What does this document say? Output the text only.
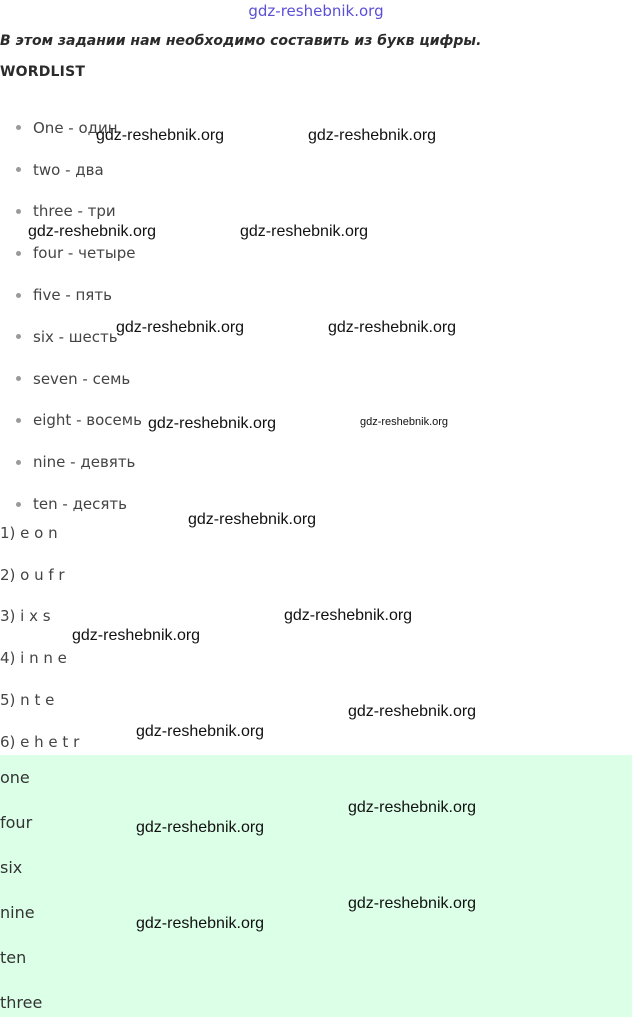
gdz-reshebnik.org

В этом задании нам необходимо составить из букв цифры.

WORDLIST

One - один
two - два
three - три
four - четыре
five - пять
six - шесть
seven - семь
eight - восемь
nine - девять
ten - десять
1) e o n
2) o u f r
3) i x s
4) i n n e
5) n t e
6) e h e t r
one
four
six
nine
ten
three
gdz-reshebnik.org	gdz-reshebnik.org
gdz-reshebnik.org	gdz-reshebnik.org
gdz-reshebnik.org	gdz-reshebnik.org
gdz-reshebnik.org	gdz-reshebnik.org
gdz-reshebnik.org
gdz-reshebnik.org
gdz-reshebnik.org
gdz-reshebnik.org
gdz-reshebnik.org
gdz-reshebnik.org
gdz-reshebnik.org
gdz-reshebnik.org
gdz-reshebnik.org
